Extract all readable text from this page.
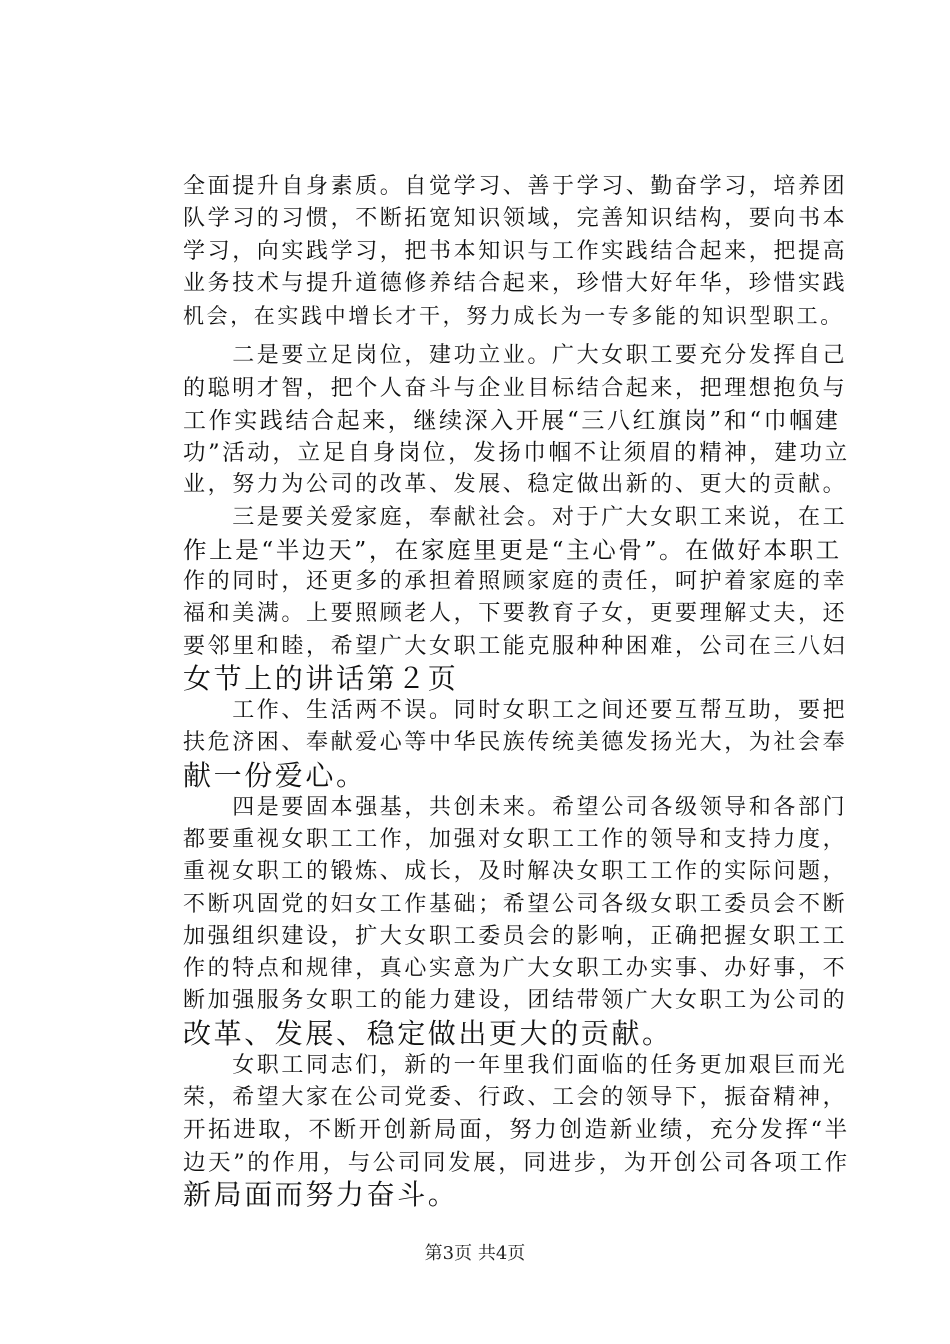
全面提升自身素质。自觉学习、善于学习、勤奋学习，培养团
队学习的习惯，不断拓宽知识领域，完善知识结构，要向书本
学习，向实践学习，把书本知识与工作实践结合起来，把提高
业务技术与提升道德修养结合起来，珍惜大好年华，珍惜实践
机会，在实践中增长才干，努力成长为一专多能的知识型职工。
　　二是要立足岗位，建功立业。广大女职工要充分发挥自己
的聪明才智，把个人奋斗与企业目标结合起来，把理想抱负与
工作实践结合起来，继续深入开展“三八红旗岗”和“巾帼建
功”活动，立足自身岗位，发扬巾帼不让须眉的精神，建功立
业，努力为公司的改革、发展、稳定做出新的、更大的贡献。
　　三是要关爱家庭，奉献社会。对于广大女职工来说，在工
作上是“半边天”，在家庭里更是“主心骨”。在做好本职工
作的同时，还更多的承担着照顾家庭的责任，呵护着家庭的幸
福和美满。上要照顾老人，下要教育子女，更要理解丈夫，还
要邻里和睦，希望广大女职工能克服种种困难，公司在三八妇
女节上的讲话第２页
　　工作、生活两不误。同时女职工之间还要互帮互助，要把
扶危济困、奉献爱心等中华民族传统美德发扬光大，为社会奉
献一份爱心。
　　四是要固本强基，共创未来。希望公司各级领导和各部门
都要重视女职工工作，加强对女职工工作的领导和支持力度，
重视女职工的锻炼、成长，及时解决女职工工作的实际问题，
不断巩固党的妇女工作基础；希望公司各级女职工委员会不断
加强组织建设，扩大女职工委员会的影响，正确把握女职工工
作的特点和规律，真心实意为广大女职工办实事、办好事，不
断加强服务女职工的能力建设，团结带领广大女职工为公司的
改革、发展、稳定做出更大的贡献。
　　女职工同志们，新的一年里我们面临的任务更加艰巨而光
荣，希望大家在公司党委、行政、工会的领导下，振奋精神，
开拓进取，不断开创新局面，努力创造新业绩，充分发挥“半
边天”的作用，与公司同发展，同进步，为开创公司各项工作
新局面而努力奋斗。
第3页 共4页
